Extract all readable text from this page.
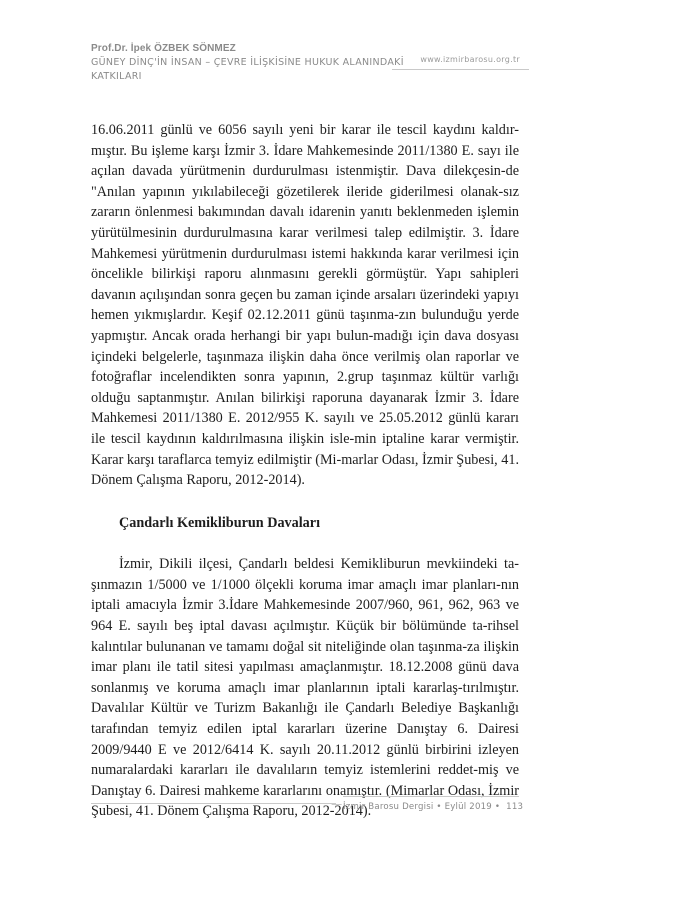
Prof.Dr. İpek ÖZBEK SÖNMEZ

GÜNEY DİNÇ'İN İNSAN – ÇEVRE İLİŞKİSİNE HUKUK ALANINDAKİ KATKILARI

www.izmirbarosu.org.tr

16.06.2011 günlü ve 6056 sayılı yeni bir karar ile tescil kaydını kaldır-mıştır. Bu işleme karşı İzmir 3. İdare Mahkemesinde 2011/1380 E. sayı ile açılan davada yürütmenin durdurulması istenmiştir. Dava dilekçesin-de "Anılan yapının yıkılabileceği gözetilerek ileride giderilmesi olanak-sız zararın önlenmesi bakımından davalı idarenin yanıtı beklenmeden işlemin yürütülmesinin durdurulmasına karar verilmesi talep edilmiştir. 3. İdare Mahkemesi yürütmenin durdurulması istemi hakkında karar verilmesi için öncelikle bilirkişi raporu alınmasını gerekli görmüştür. Yapı sahipleri davanın açılışından sonra geçen bu zaman içinde arsaları üzerindeki yapıyı hemen yıkmışlardır. Keşif 02.12.2011 günü taşınma-zın bulunduğu yerde yapmıştır. Ancak orada herhangi bir yapı bulun-madığı için dava dosyası içindeki belgelerle, taşınmaza ilişkin daha önce verilmiş olan raporlar ve fotoğraflar incelendikten sonra yapının, 2.grup taşınmaz kültür varlığı olduğu saptanmıştır. Anılan bilirkişi raporuna dayanarak İzmir 3. İdare Mahkemesi 2011/1380 E. 2012/955 K. sayılı ve 25.05.2012 günlü kararı ile tescil kaydının kaldırılmasına ilişkin isle-min iptaline karar vermiştir. Karar karşı taraflarca temyiz edilmiştir (Mi-marlar Odası, İzmir Şubesi, 41. Dönem Çalışma Raporu, 2012-2014).

Çandarlı Kemikliburun Davaları

İzmir, Dikili ilçesi, Çandarlı beldesi Kemikliburun mevkiindeki ta-şınmazın 1/5000 ve 1/1000 ölçekli koruma imar amaçlı imar planları-nın iptali amacıyla İzmir 3.İdare Mahkemesinde 2007/960, 961, 962, 963 ve 964 E. sayılı beş iptal davası açılmıştır. Küçük bir bölümünde ta-rihsel kalıntılar bulunanan ve tamamı doğal sit niteliğinde olan taşınma-za ilişkin imar planı ile tatil sitesi yapılması amaçlanmıştır. 18.12.2008 günü dava sonlanmış ve koruma amaçlı imar planlarının iptali kararlaş-tırılmıştır. Davalılar Kültür ve Turizm Bakanlığı ile Çandarlı Belediye Başkanlığı tarafından temyiz edilen iptal kararları üzerine Danıştay 6. Dairesi 2009/9440 E ve 2012/6414 K. sayılı 20.11.2012 günlü birbirini izleyen numaralardaki kararları ile davalıların temyiz istemlerini reddet-miş ve Danıştay 6. Dairesi mahkeme kararlarını onamıştır. (Mimarlar Odası, İzmir Şubesi, 41. Dönem Çalışma Raporu, 2012-2014).

İzmir Barosu Dergisi • Eylül 2019 • 113
